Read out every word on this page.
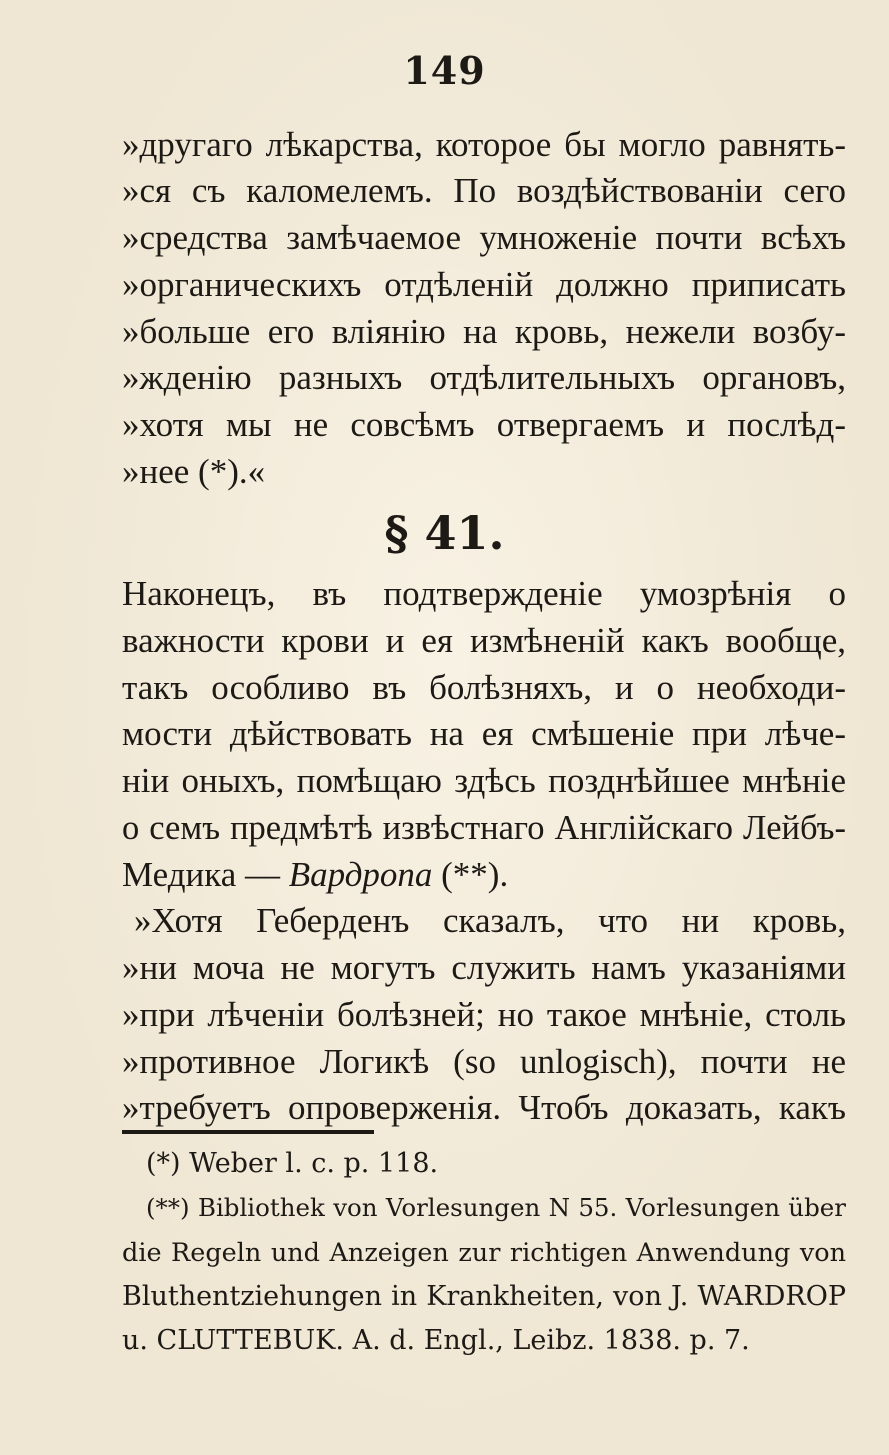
149
»другаго лѣкарства, которое бы могло равнять-
»ся съ каломелемъ. По воздѣйствованіи сего
»средства замѣчаемое умноженіе почти всѣхъ
»органическихъ отдѣленій должно приписать
»больше его вліянію на кровь, нежели возбу-
»жденію разныхъ отдѣлительныхъ органовъ,
»хотя мы не совсѣмъ отвергаемъ и послѣд-
»нее (*).«
§ 41.
Наконецъ, въ подтвержденіе умозрѣнія о
важности крови и ея измѣненій какъ вообще,
такъ особливо въ болѣзняхъ, и о необходи-
мости дѣйствовать на ея смѣшеніе при лѣче-
ніи оныхъ, помѣщаю здѣсь позднѣйшее мнѣніе
о семъ предмѣтѣ извѣстнаго Англійскаго Лейбъ-
Медика — Вардропа (**).
»Хотя Геберденъ сказалъ, что ни кровь,
»ни моча не могутъ служить намъ указаніями
»при лѣченіи болѣзней; но такое мнѣніе, столь
»противное Логикѣ (so unlogisch), почти не
»требуетъ опроверженія. Чтобъ доказать, какъ
(*) Weber l. c. p. 118.
(**) Bibliothek von Vorlesungen N 55. Vorlesungen über
die Regeln und Anzeigen zur richtigen Anwendung von
Bluthentziehungen in Krankheiten, von J. WARDROP
u. CLUTTEBUK. A. d. Engl., Leibz. 1838. p. 7.
